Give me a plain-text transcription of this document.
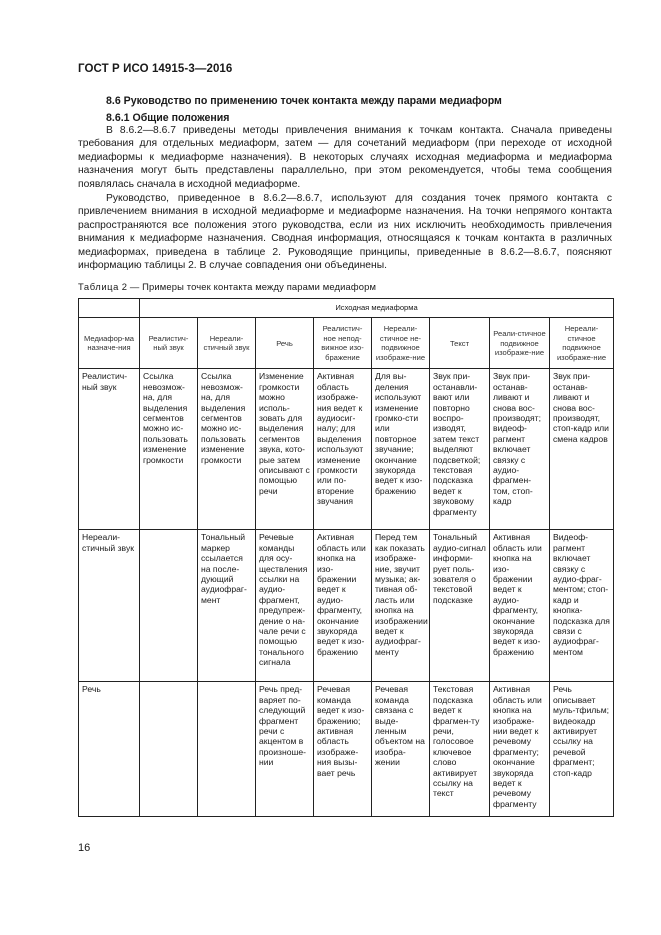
ГОСТ Р ИСО 14915-3—2016
8.6 Руководство по применению точек контакта между парами медиаформ
8.6.1 Общие положения

В 8.6.2—8.6.7 приведены методы привлечения внимания к точкам контакта. Сначала приведены требования для отдельных медиаформ, затем — для сочетаний медиаформ (при переходе от исходной медиаформы к медиаформе назначения). В некоторых случаях исходная медиаформа и медиаформа назначения могут быть представлены параллельно, при этом рекомендуется, чтобы тема сообщения появлялась сначала в исходной медиаформе.

Руководство, приведенное в 8.6.2—8.6.7, используют для создания точек прямого контакта с привлечением внимания в исходной медиаформе и медиаформе назначения. На точки непрямого контакта распространяются все положения этого руководства, если из них исключить необходимость привлечения внимания к медиаформе назначения. Сводная информация, относящаяся к точкам контакта в различных медиаформах, приведена в таблице 2. Руководящие принципы, приведенные в 8.6.2—8.6.7, поясняют информацию таблицы 2. В случае совпадения они объединены.

Таблица 2 — Примеры точек контакта между парами медиаформ
	Исходная медиаформа							
Медиафор-ма назначе-ния	Реалистич-ный звук	Нереали-стичный звук	Речь	Реалистич-ное непод-вижное изо-бражение	Нереали-стичное не-подвижное изображе-ние	Текст	Реали-стичное подвижное изображе-ние	Нереали-стичное подвижное изображе-ние
Реалистич-ный звук	Ссылка невозмож-на, для выделения сегментов можно ис-пользовать изменение громкости	Ссылка невозмож-на, для выделения сегментов можно ис-пользовать изменение громкости	Изменение громкости можно исполь-зовать для выделения сегментов звука, кото-рые затем описывают с помощью речи	Активная область изображе-ния ведет к аудиосиг-налу; для выделения используют изменение громкости или по-вторение звучания	Для вы-деления используют изменение громко-сти или повторное звучание; окончание звукоряда ведет к изо-бражению	Звук при-останавли-вают или повторно воспро-изводят, затем текст выделяют подсветкой; текстовая подсказка ведет к звуковому фрагменту	Звук при-останав-ливают и снова вос-производят; видеоф-рагмент включает связку с аудио-фрагмен-том, стоп-кадр	Звук при-останав-ливают и снова вос-производят, стоп-кадр или смена кадров
Нереали-стичный звук		Тональный маркер ссылается на после-дующий аудиофраг-мент	Речевые команды для осу-ществления ссылки на аудио-фрагмент, предупреж-дение о на-чале речи с помощью тонального сигнала	Активная область или кнопка на изо-бражении ведет к аудио-фрагменту, окончание звукоряда ведет к изо-бражению	Перед тем как показать изображе-ние, звучит музыка; ак-тивная об-ласть или кнопка на изображении ведет к аудиофраг-менту	Тональный аудио-сигнал информи-рует поль-зователя о текстовой подсказке	Активная область или кнопка на изо-бражении ведет к аудио-фрагменту, окончание звукоряда ведет к изо-бражению	Видеоф-рагмент включает связку с аудио-фраг-ментом; стоп-кадр и кнопка-подсказка для связи с аудиофраг-ментом
Речь			Речь пред-варяет по-следующий фрагмент речи с акцентом в произноше-нии	Речевая команда ведет к изо-бражению; активная область изображе-ния вызы-вает речь	Речевая команда связана с выде-ленным объектом на изобра-жении	Текстовая подсказка ведет к фрагмен-ту речи, голосовое ключевое слово активирует ссылку на текст	Активная область или кнопка на изображе-нии ведет к речевому фрагменту; окончание звукоряда ведет к речевому фрагменту	Речь описывает муль-тфильм; видеокадр активирует ссылку на речевой фрагмент; стоп-кадр
16
